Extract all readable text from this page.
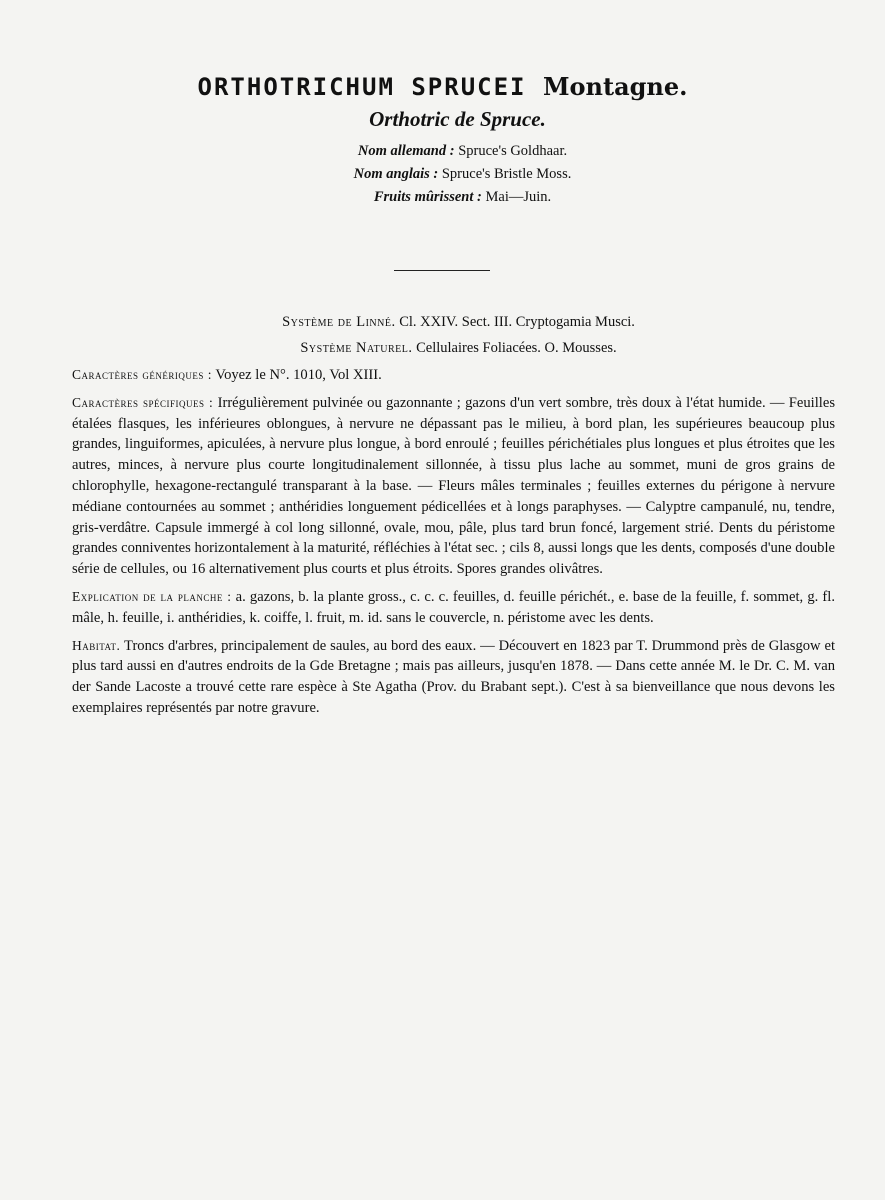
ORTHOTRICHUM SPRUCEI Montagne.
Orthotric de Spruce.
Nom allemand : Spruce's Goldhaar.
Nom anglais : Spruce's Bristle Moss.
Fruits mûrissent : Mai—Juin.
Système de Linné. Cl. XXIV. Sect. III. Cryptogamia Musci.
Système Naturel. Cellulaires Foliacées. O. Mousses.

Caractères génériques : Voyez le N°. 1010, Vol XIII.

Caractères spécifiques : Irrégulièrement pulvinée ou gazonnante ; gazons d'un vert sombre, très doux à l'état humide. — Feuilles étalées flasques, les inférieures oblongues, à nervure ne dépassant pas le milieu, à bord plan, les supérieures beaucoup plus grandes, linguiformes, apiculées, à nervure plus longue, à bord enroulé ; feuilles périchétiales plus longues et plus étroites que les autres, minces, à nervure plus courte longitudinalement sillonnée, à tissu plus lache au sommet, muni de gros grains de chlorophylle, hexagone-rectangulé transparant à la base. — Fleurs mâles terminales ; feuilles externes du périgone à nervure médiane contournées au sommet ; anthéridies longuement pédicellées et à longs paraphyses. — Calyptre campanulé, nu, tendre, gris-verdâtre. Capsule immergé à col long sillonné, ovale, mou, pâle, plus tard brun foncé, largement strié. Dents du péristome grandes conniventes horizontalement à la maturité, réfléchies à l'état sec. ; cils 8, aussi longs que les dents, composés d'une double série de cellules, ou 16 alternativement plus courts et plus étroits. Spores grandes olivâtres.

Explication de la planche : a. gazons, b. la plante gross., c. c. c. feuilles, d. feuille périchét., e. base de la feuille, f. sommet, g. fl. mâle, h. feuille, i. anthéridies, k. coiffe, l. fruit, m. id. sans le couvercle, n. péristome avec les dents.

Habitat. Troncs d'arbres, principalement de saules, au bord des eaux. — Découvert en 1823 par T. Drummond près de Glasgow et plus tard aussi en d'autres endroits de la Gde Bretagne ; mais pas ailleurs, jusqu'en 1878. — Dans cette année M. le Dr. C. M. van der Sande Lacoste a trouvé cette rare espèce à Ste Agatha (Prov. du Brabant sept.). C'est à sa bienveillance que nous devons les exemplaires représentés par notre gravure.
